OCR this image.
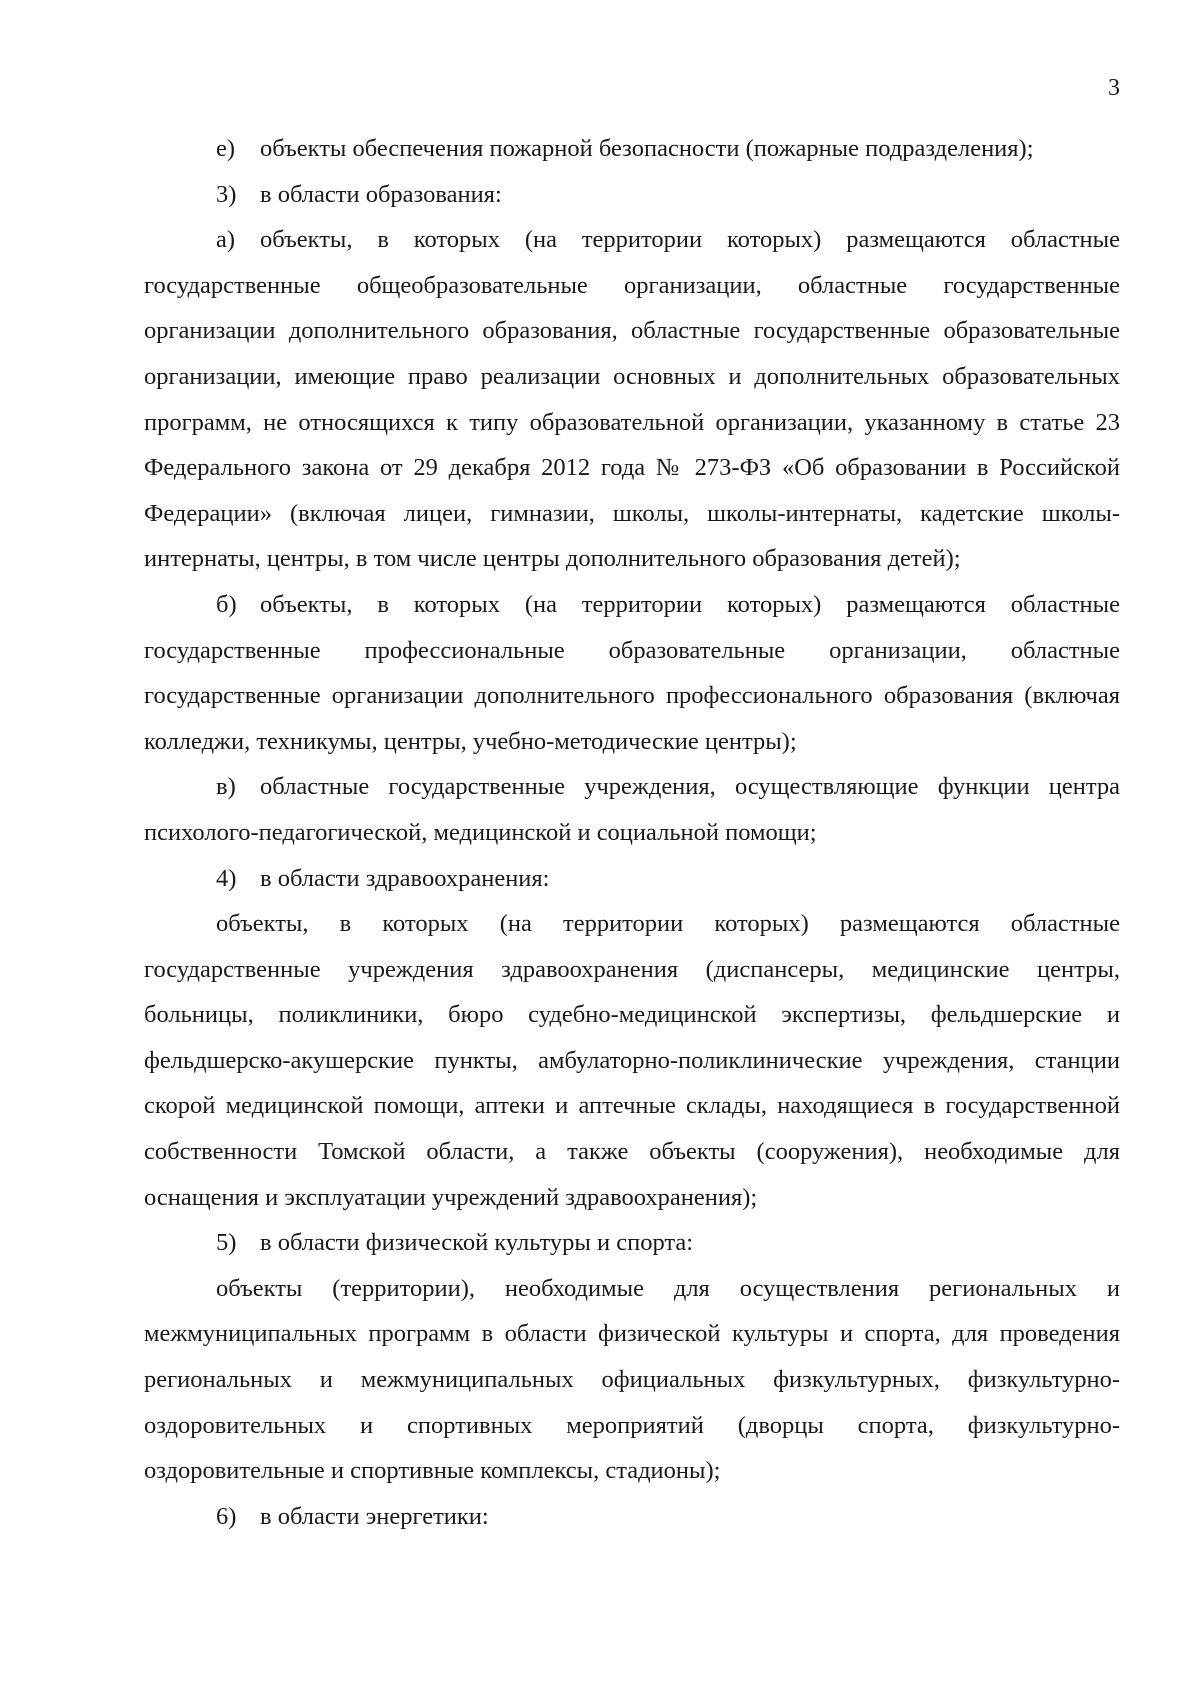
3

е) объекты обеспечения пожарной безопасности (пожарные подразделения);

3) в области образования:

а) объекты, в которых (на территории которых) размещаются областные государственные общеобразовательные организации, областные государственные организации дополнительного образования, областные государственные образовательные организации, имеющие право реализации основных и дополнительных образовательных программ, не относящихся к типу образовательной организации, указанному в статье 23 Федерального закона от 29 декабря 2012 года № 273-ФЗ «Об образовании в Российской Федерации» (включая лицеи, гимназии, школы, школы-интернаты, кадетские школы-интернаты, центры, в том числе центры дополнительного образования детей);

б) объекты, в которых (на территории которых) размещаются областные государственные профессиональные образовательные организации, областные государственные организации дополнительного профессионального образования (включая колледжи, техникумы, центры, учебно-методические центры);

в) областные государственные учреждения, осуществляющие функции центра психолого-педагогической, медицинской и социальной помощи;

4) в области здравоохранения:

объекты, в которых (на территории которых) размещаются областные государственные учреждения здравоохранения (диспансеры, медицинские центры, больницы, поликлиники, бюро судебно-медицинской экспертизы, фельдшерские и фельдшерско-акушерские пункты, амбулаторно-поликлинические учреждения, станции скорой медицинской помощи, аптеки и аптечные склады, находящиеся в государственной собственности Томской области, а также объекты (сооружения), необходимые для оснащения и эксплуатации учреждений здравоохранения);

5) в области физической культуры и спорта:

объекты (территории), необходимые для осуществления региональных и межмуниципальных программ в области физической культуры и спорта, для проведения региональных и межмуниципальных официальных физкультурных, физкультурно-оздоровительных и спортивных мероприятий (дворцы спорта, физкультурно-оздоровительные и спортивные комплексы, стадионы);

6) в области энергетики:
